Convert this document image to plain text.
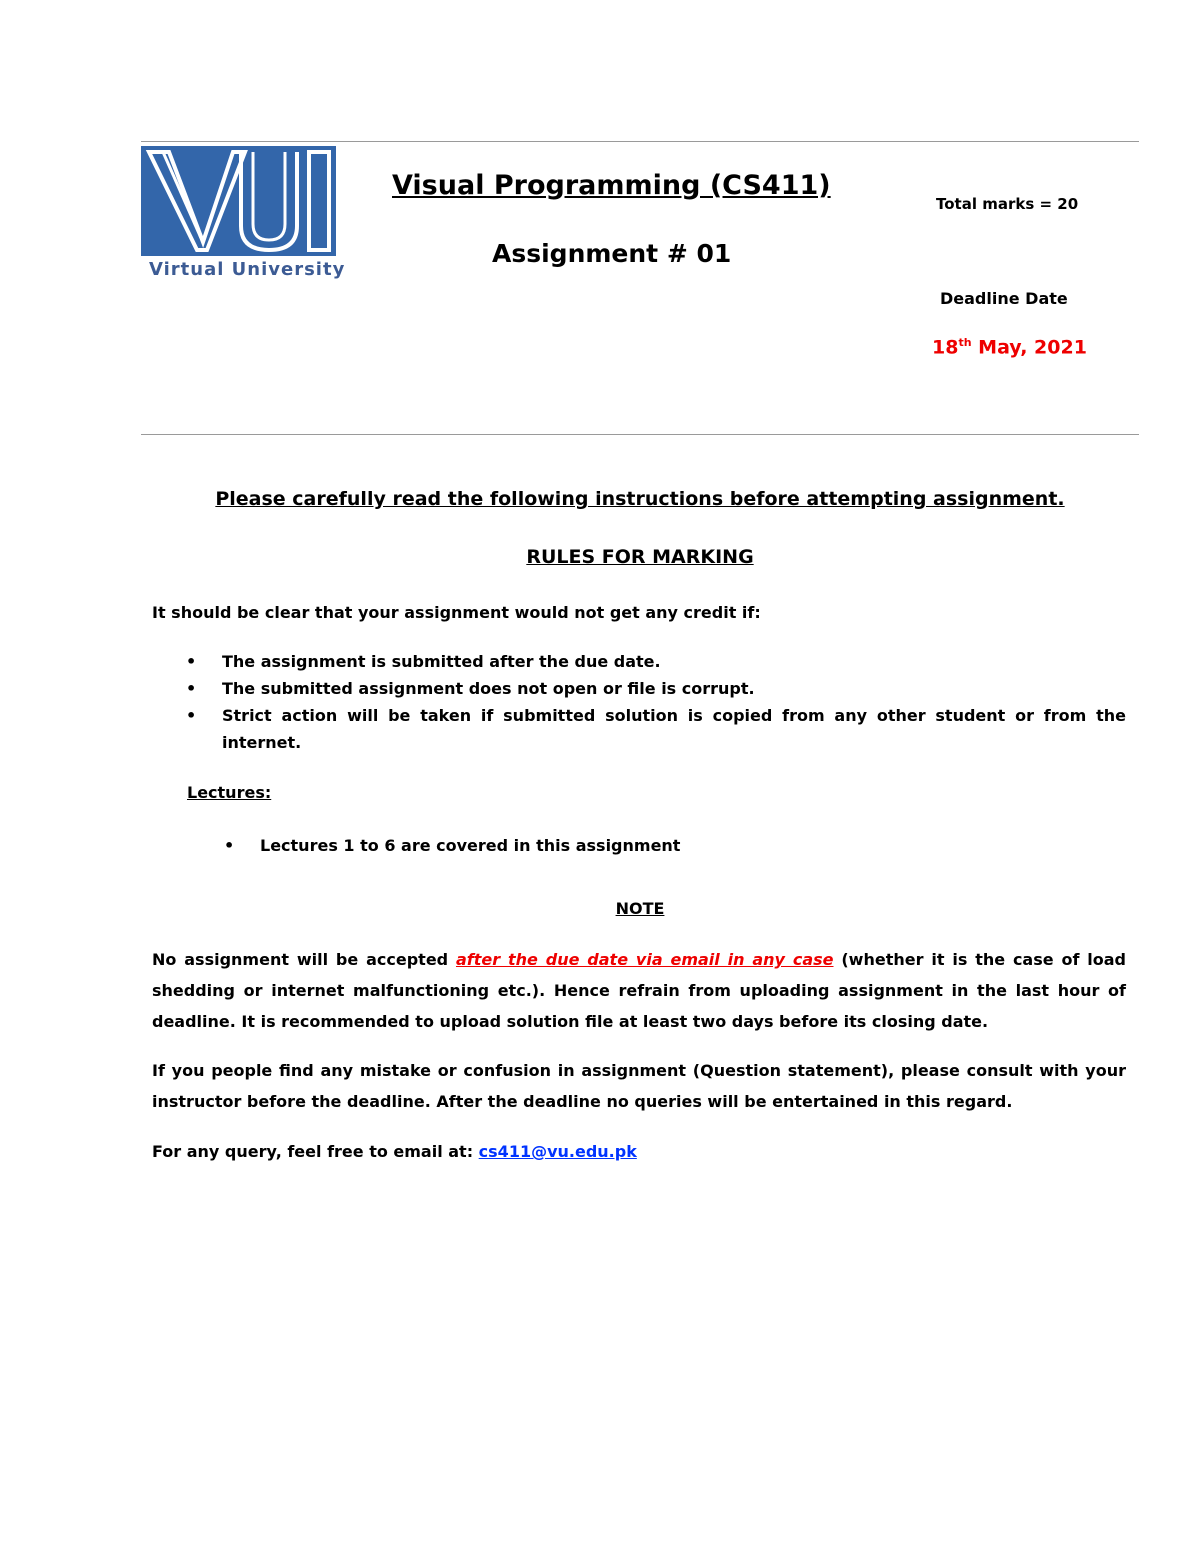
Virtual University
Visual Programming (CS411)
Assignment # 01
Total marks = 20
Deadline Date
18th May, 2021
Please carefully read the following instructions before attempting assignment.
RULES FOR MARKING
It should be clear that your assignment would not get any credit if:
• The assignment is submitted after the due date.
• The submitted assignment does not open or file is corrupt.
• Strict action will be taken if submitted solution is copied from any other student or from the internet.
Lectures:
• Lectures 1 to 6 are covered in this assignment
NOTE

No assignment will be accepted after the due date via email in any case (whether it is the case of load shedding or internet malfunctioning etc.). Hence refrain from uploading assignment in the last hour of deadline. It is recommended to upload solution file at least two days before its closing date.

If you people find any mistake or confusion in assignment (Question statement), please consult with your instructor before the deadline. After the deadline no queries will be entertained in this regard.

For any query, feel free to email at: cs411@vu.edu.pk
